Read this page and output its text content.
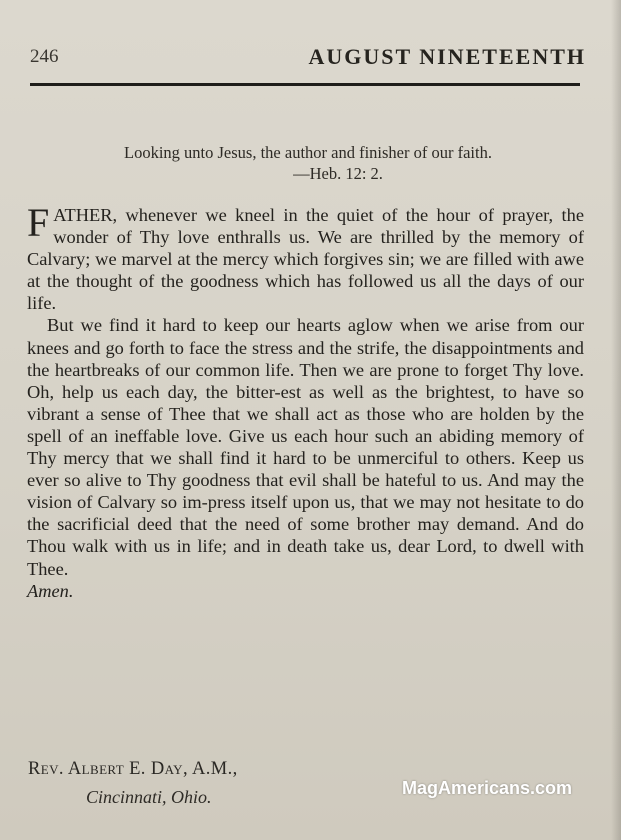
246	AUGUST NINETEENTH
Looking unto Jesus, the author and finisher of our faith.
—Heb. 12: 2.

FATHER, whenever we kneel in the quiet of the hour of prayer, the wonder of Thy love enthralls us. We are thrilled by the memory of Calvary; we marvel at the mercy which forgives sin; we are filled with awe at the thought of the goodness which has followed us all the days of our life.

But we find it hard to keep our hearts aglow when we arise from our knees and go forth to face the stress and the strife, the disappointments and the heartbreaks of our common life. Then we are prone to forget Thy love. Oh, help us each day, the bitter-est as well as the brightest, to have so vibrant a sense of Thee that we shall act as those who are holden by the spell of an ineffable love. Give us each hour such an abiding memory of Thy mercy that we shall find it hard to be unmerciful to others. Keep us ever so alive to Thy goodness that evil shall be hateful to us. And may the vision of Calvary so im-press itself upon us, that we may not hesitate to do the sacrificial deed that the need of some brother may demand. And do Thou walk with us in life; and in death take us, dear Lord, to dwell with Thee.
Amen.

Rev. Albert E. Day, A.M.,
Cincinnati, Ohio.	MagAmericans.com
